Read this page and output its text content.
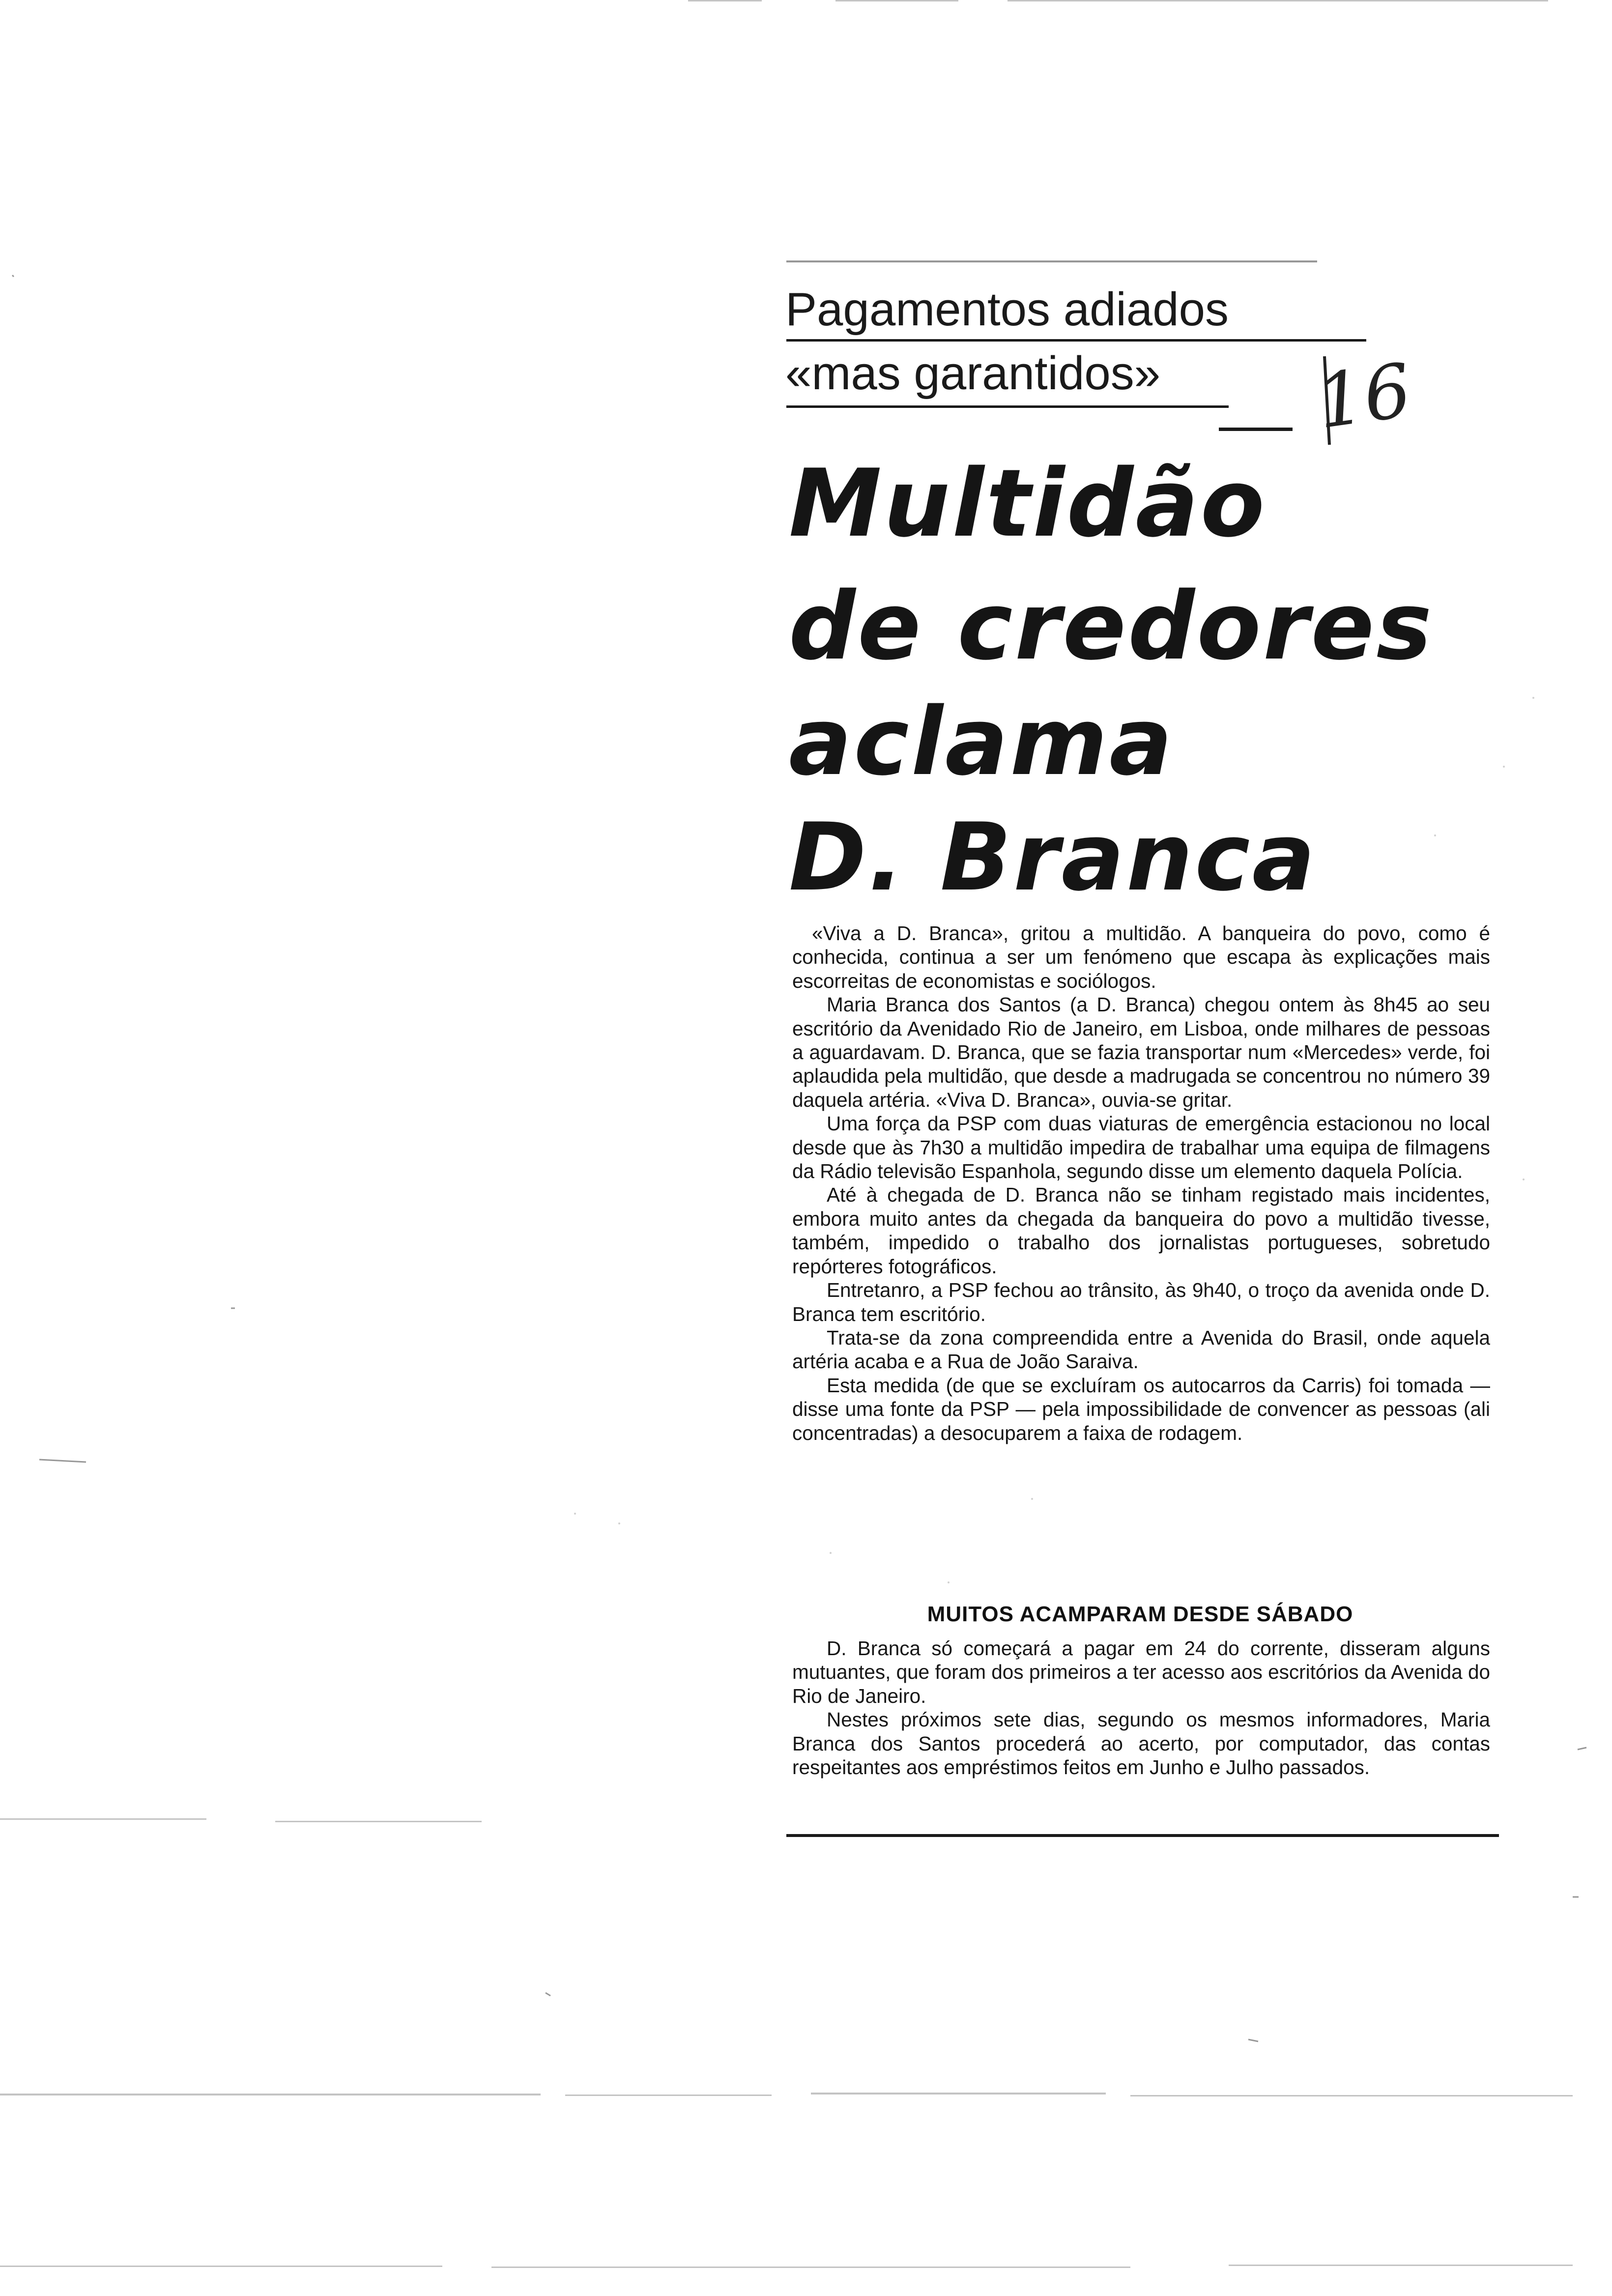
Pagamentos adiados
«mas garantidos» 16
Multidão
de credores
aclama
D. Branca

«Viva a D. Branca», gritou a multidão. A banqueira do povo, como é conhecida, continua a ser um fenómeno que escapa às explicações mais escorreitas de economistas e sociólogos.

Maria Branca dos Santos (a D. Branca) chegou ontem às 8h45 ao seu escritório da Avenidado Rio de Janeiro, em Lisboa, onde milhares de pessoas a aguardavam. D. Branca, que se fazia transportar num «Mercedes» verde, foi aplaudida pela multidão, que desde a madrugada se concentrou no número 39 daquela artéria. «Viva D. Branca», ouvia-se gritar.

Uma força da PSP com duas viaturas de emergência estacionou no local desde que às 7h30 a multidão impedira de trabalhar uma equipa de filmagens da Rádio televisão Espanhola, segundo disse um elemento daquela Polícia.

Até à chegada de D. Branca não se tinham registado mais incidentes, embora muito antes da chegada da banqueira do povo a multidão tivesse, também, impedido o trabalho dos jornalistas portugueses, sobretudo repórteres fotográficos.

Entretanro, a PSP fechou ao trânsito, às 9h40, o troço da avenida onde D. Branca tem escritório.

Trata-se da zona compreendida entre a Avenida do Brasil, onde aquela artéria acaba e a Rua de João Saraiva.

Esta medida (de que se excluíram os autocarros da Carris) foi tomada — disse uma fonte da PSP — pela impossibilidade de convencer as pessoas (ali concentradas) a desocuparem a faixa de rodagem.

MUITOS ACAMPARAM DESDE SÁBADO

D. Branca só começará a pagar em 24 do corrente, disseram alguns mutuantes, que foram dos primeiros a ter acesso aos escritórios da Avenida do Rio de Janeiro.

Nestes próximos sete dias, segundo os mesmos informadores, Maria Branca dos Santos procederá ao acerto, por computador, das contas respeitantes aos empréstimos feitos em Junho e Julho passados.
